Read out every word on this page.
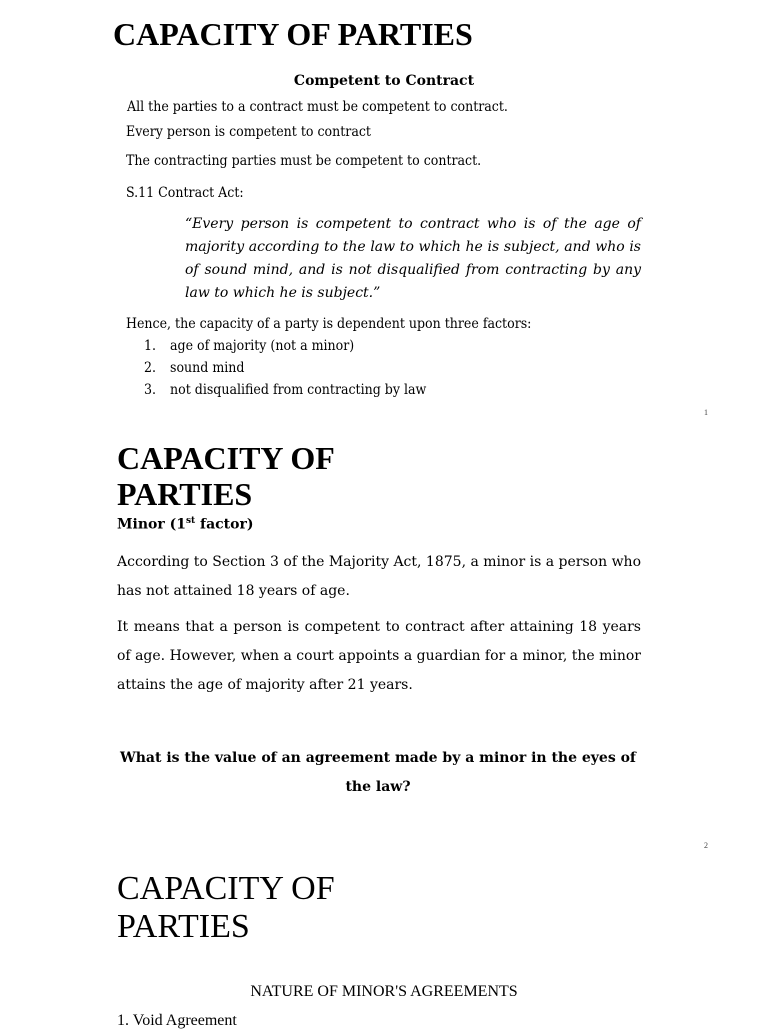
CAPACITY OF PARTIES
Competent to Contract
All the parties to a contract must be competent to contract.
Every person is competent to contract
The contracting parties must be competent to contract.
S.11 Contract Act:
“Every person is competent to contract who is of the age of majority according to the law to which he is subject, and who is of sound mind, and is not disqualified from contracting by any law to which he is subject.”
Hence, the capacity of a party is dependent upon three factors:
1. age of majority (not a minor)
2. sound mind
3. not disqualified from contracting by law
1
CAPACITY OF PARTIES
Minor (1st factor)
According to Section 3 of the Majority Act, 1875, a minor is a person who has not attained 18 years of age.
It means that a person is competent to contract after attaining 18 years of age. However, when a court appoints a guardian for a minor, the minor attains the age of majority after 21 years.
What is the value of an agreement made by a minor in the eyes of the law?
2
CAPACITY OF PARTIES
NATURE OF MINOR'S AGREEMENTS
1. Void Agreement
